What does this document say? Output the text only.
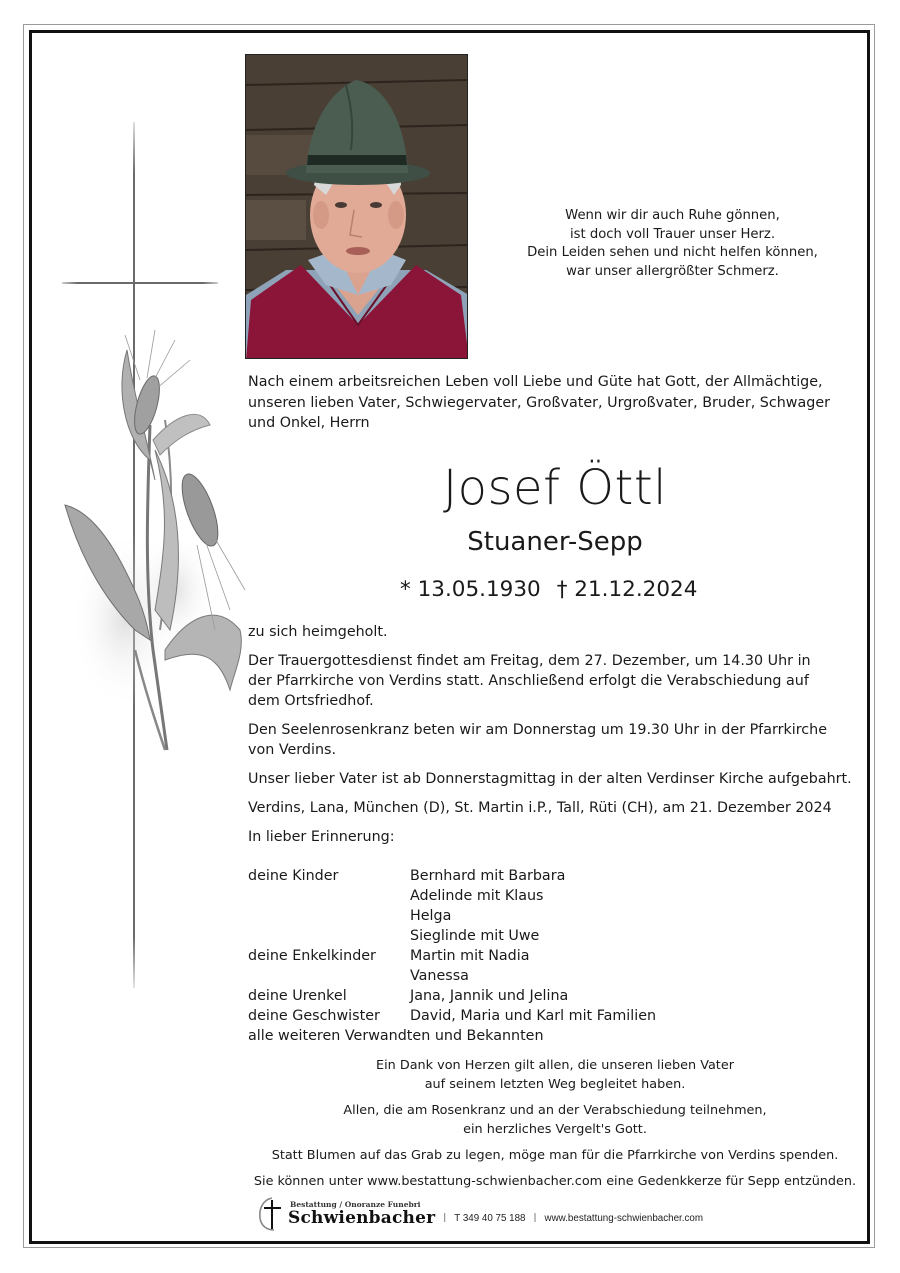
Wenn wir dir auch Ruhe gönnen,
ist doch voll Trauer unser Herz.
Dein Leiden sehen und nicht helfen können,
war unser allergrößter Schmerz.
Nach einem arbeitsreichen Leben voll Liebe und Güte hat Gott, der Allmächtige,
unseren lieben Vater, Schwiegervater, Großvater, Urgroßvater, Bruder, Schwager
und Onkel, Herrn
Josef Öttl
Stuaner-Sepp
* 13.05.1930 † 21.12.2024

zu sich heimgeholt.

Der Trauergottesdienst findet am Freitag, dem 27. Dezember, um 14.30 Uhr in
der Pfarrkirche von Verdins statt. Anschließend erfolgt die Verabschiedung auf
dem Ortsfriedhof.

Den Seelenrosenkranz beten wir am Donnerstag um 19.30 Uhr in der Pfarrkirche
von Verdins.

Unser lieber Vater ist ab Donnerstagmittag in der alten Verdinser Kirche aufgebahrt.

Verdins, Lana, München (D), St. Martin i.P., Tall, Rüti (CH), am 21. Dezember 2024

In lieber Erinnerung:

deine Kinder	Bernhard mit Barbara
Adelinde mit Klaus
Helga
Sieglinde mit Uwe
deine Enkelkinder	Martin mit Nadia
Vanessa
deine Urenkel	Jana, Jannik und Jelina
deine Geschwister	David, Maria und Karl mit Familien
alle weiteren Verwandten und Bekannten

Ein Dank von Herzen gilt allen, die unseren lieben Vater
auf seinem letzten Weg begleitet haben.

Allen, die am Rosenkranz und an der Verabschiedung teilnehmen,
ein herzliches Vergelt's Gott.

Statt Blumen auf das Grab zu legen, möge man für die Pfarrkirche von Verdins spenden.

Sie können unter www.bestattung-schwienbacher.com eine Gedenkkerze für Sepp entzünden.

Bestattung / Onoranze Funebri
Schwienbacher | T 349 40 75 188 | www.bestattung-schwienbacher.com
